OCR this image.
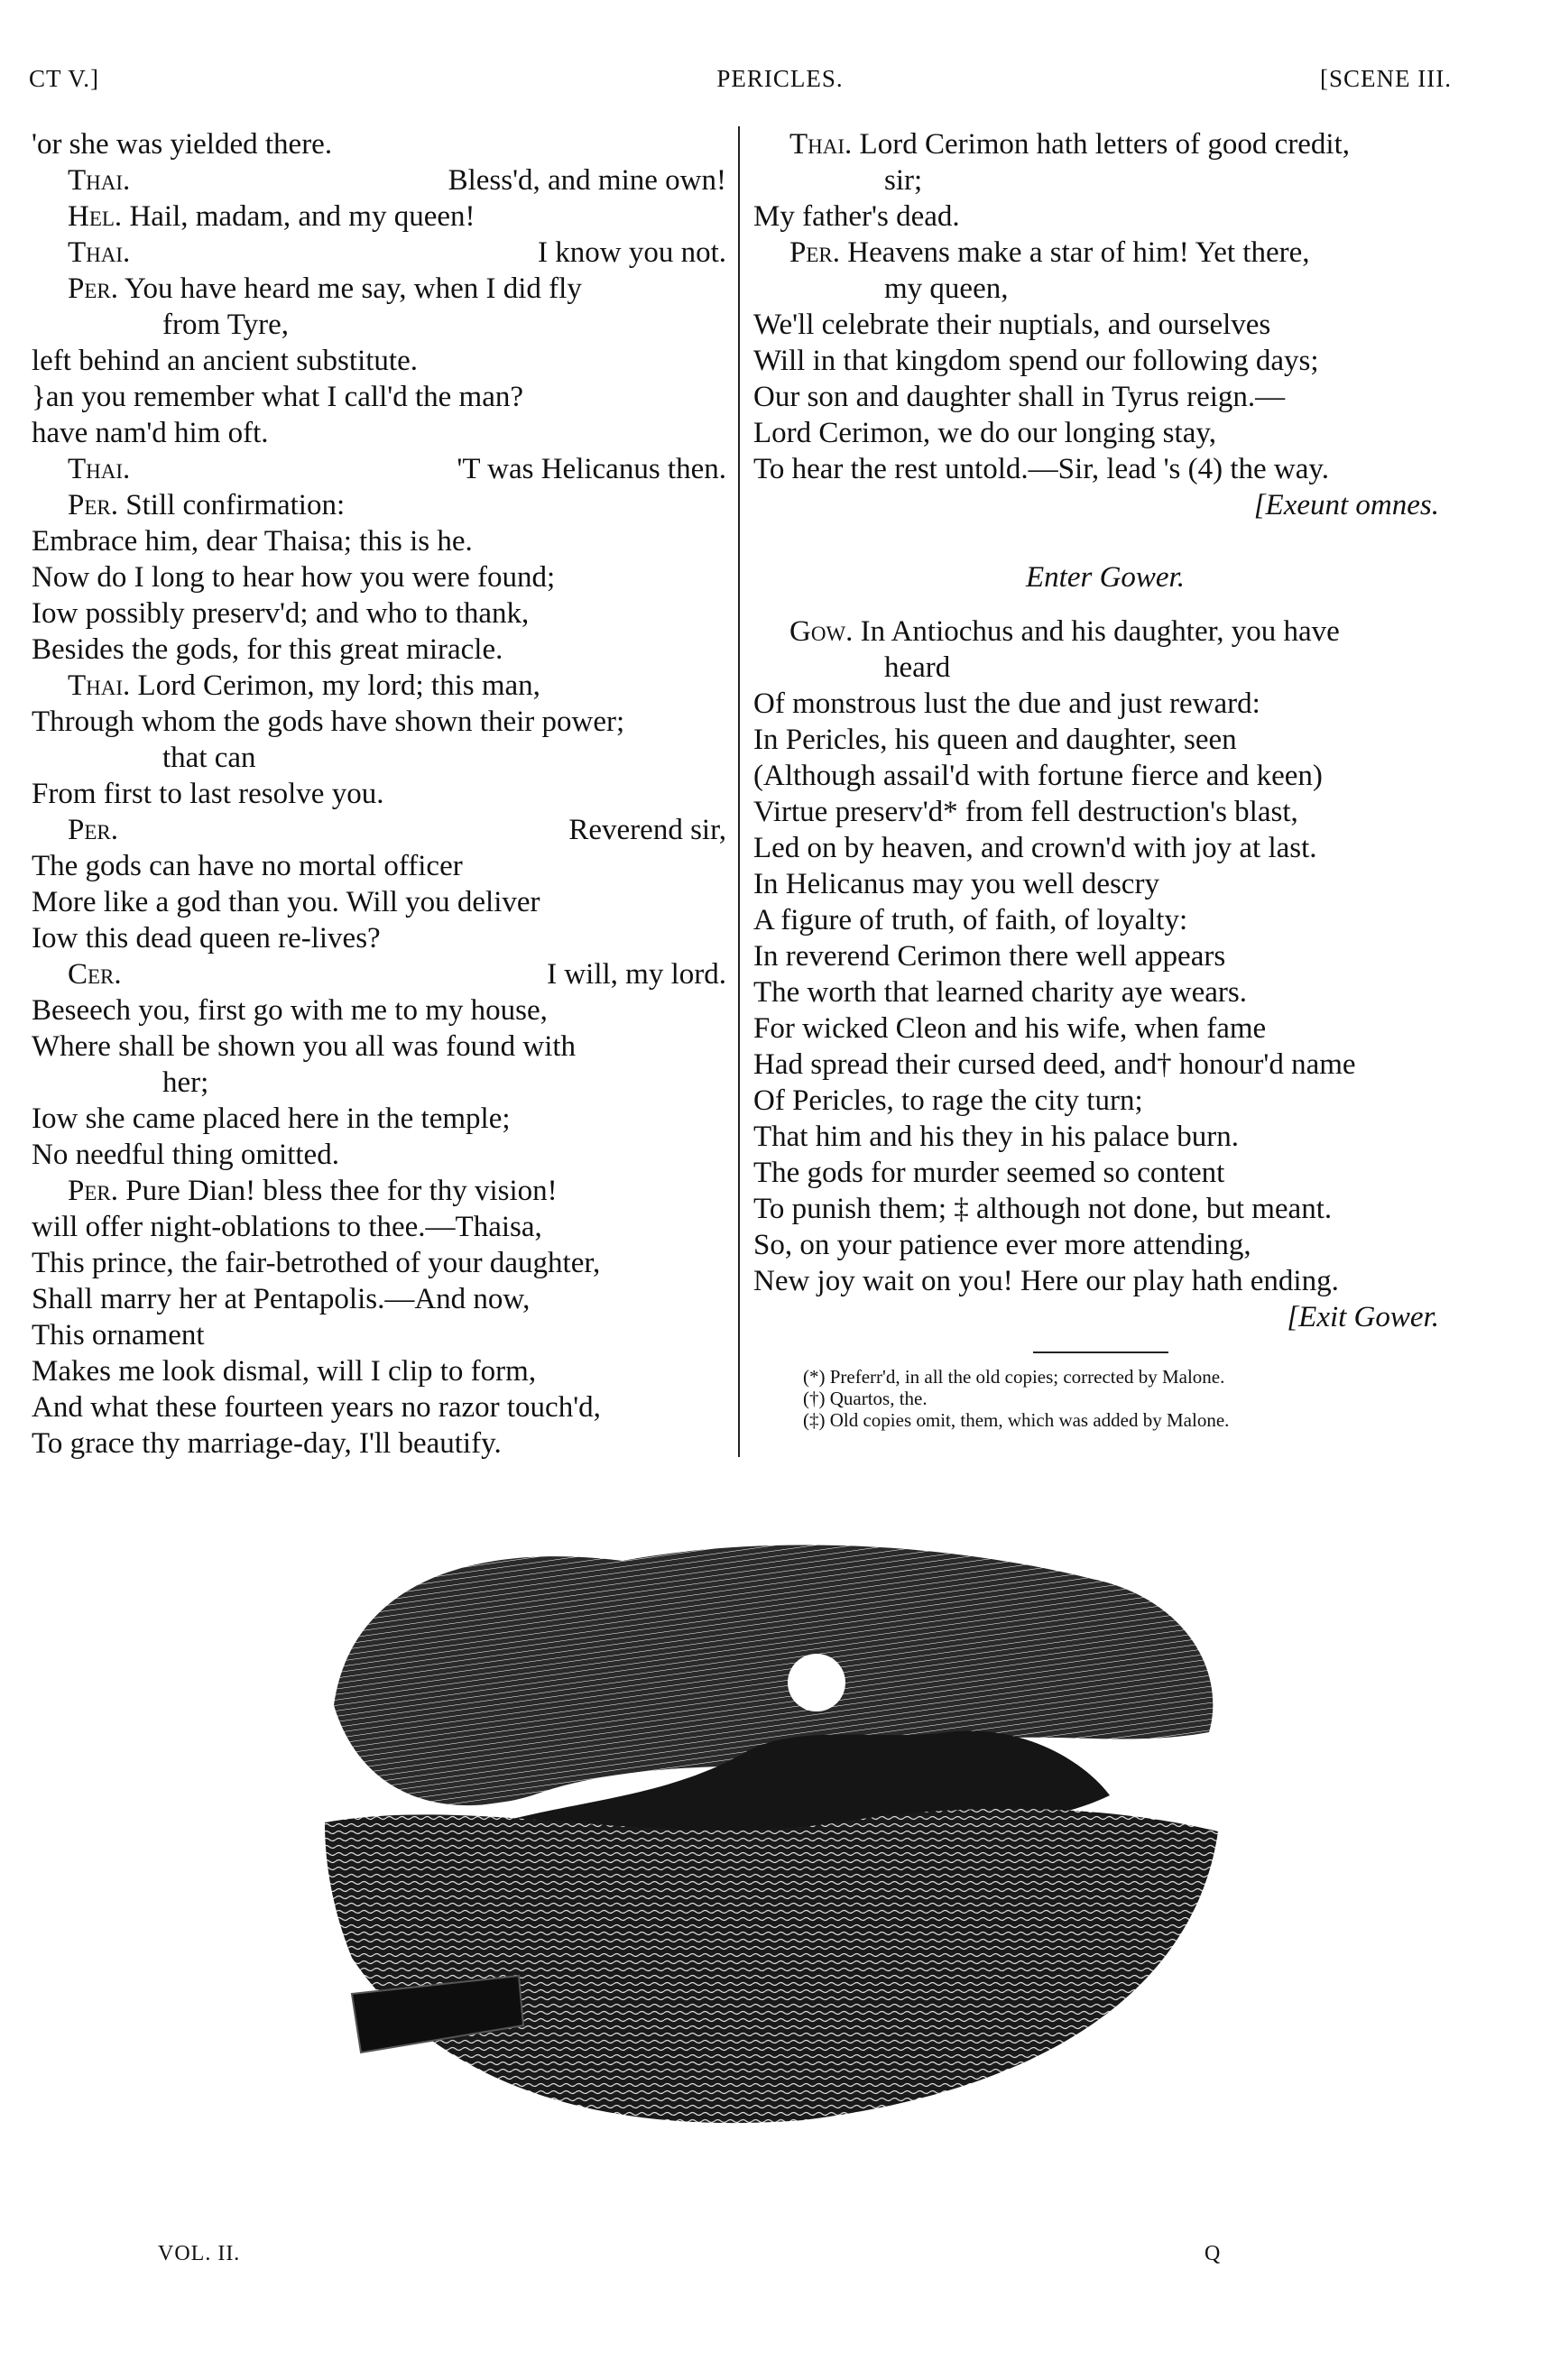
CT V.]	PERICLES.	[SCENE III.
'or she was yielded there.
Thai.	Bless'd, and mine own!
Hel. Hail, madam, and my queen!
Thai.	I know you not.
Per. You have heard me say, when I did fly
from Tyre,
left behind an ancient substitute.
}an you remember what I call'd the man?
have nam'd him oft.
Thai.	'T was Helicanus then.
Per. Still confirmation:
Embrace him, dear Thaisa; this is he.
Now do I long to hear how you were found;
Iow possibly preserv'd; and who to thank,
Besides the gods, for this great miracle.
Thai. Lord Cerimon, my lord; this man,
Through whom the gods have shown their power;
that can
From first to last resolve you.
Per.	Reverend sir,
The gods can have no mortal officer
More like a god than you. Will you deliver
Iow this dead queen re-lives?
Cer.	I will, my lord.
Beseech you, first go with me to my house,
Where shall be shown you all was found with
her;
Iow she came placed here in the temple;
No needful thing omitted.
Per. Pure Dian! bless thee for thy vision!
will offer night-oblations to thee.—Thaisa,
This prince, the fair-betrothed of your daughter,
Shall marry her at Pentapolis.—And now,
This ornament
Makes me look dismal, will I clip to form,
And what these fourteen years no razor touch'd,
To grace thy marriage-day, I'll beautify.
Thai. Lord Cerimon hath letters of good credit,
sir;
My father's dead.
Per. Heavens make a star of him! Yet there,
my queen,
We'll celebrate their nuptials, and ourselves
Will in that kingdom spend our following days;
Our son and daughter shall in Tyrus reign.—
Lord Cerimon, we do our longing stay,
To hear the rest untold.—Sir, lead 's (4) the way.
[Exeunt omnes.
Enter Gower.
Gow. In Antiochus and his daughter, you have
heard
Of monstrous lust the due and just reward:
In Pericles, his queen and daughter, seen
(Although assail'd with fortune fierce and keen)
Virtue preserv'd* from fell destruction's blast,
Led on by heaven, and crown'd with joy at last.
In Helicanus may you well descry
A figure of truth, of faith, of loyalty:
In reverend Cerimon there well appears
The worth that learned charity aye wears.
For wicked Cleon and his wife, when fame
Had spread their cursed deed, and† honour'd name
Of Pericles, to rage the city turn;
That him and his they in his palace burn.
The gods for murder seemed so content
To punish them; ‡ although not done, but meant.
So, on your patience ever more attending,
New joy wait on you! Here our play hath ending.
[Exit Gower.
(*) Preferr'd, in all the old copies; corrected by Malone.
(†) Quartos, the.
(‡) Old copies omit, them, which was added by Malone.
VOL. II.	Q
